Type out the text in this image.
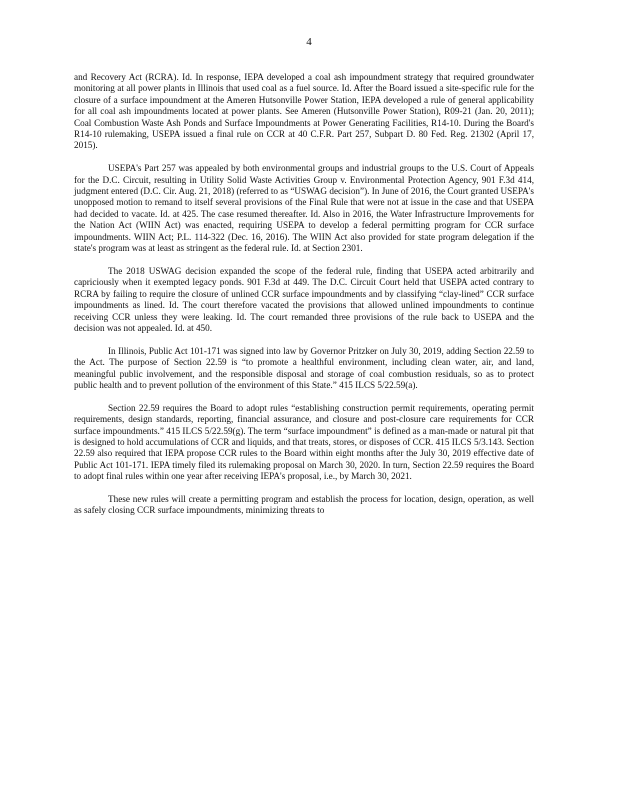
4

and Recovery Act (RCRA). Id. In response, IEPA developed a coal ash impoundment strategy that required groundwater monitoring at all power plants in Illinois that used coal as a fuel source. Id. After the Board issued a site-specific rule for the closure of a surface impoundment at the Ameren Hutsonville Power Station, IEPA developed a rule of general applicability for all coal ash impoundments located at power plants. See Ameren (Hutsonville Power Station), R09-21 (Jan. 20, 2011); Coal Combustion Waste Ash Ponds and Surface Impoundments at Power Generating Facilities, R14-10. During the Board's R14-10 rulemaking, USEPA issued a final rule on CCR at 40 C.F.R. Part 257, Subpart D. 80 Fed. Reg. 21302 (April 17, 2015).

USEPA's Part 257 was appealed by both environmental groups and industrial groups to the U.S. Court of Appeals for the D.C. Circuit, resulting in Utility Solid Waste Activities Group v. Environmental Protection Agency, 901 F.3d 414, judgment entered (D.C. Cir. Aug. 21, 2018) (referred to as “USWAG decision”). In June of 2016, the Court granted USEPA's unopposed motion to remand to itself several provisions of the Final Rule that were not at issue in the case and that USEPA had decided to vacate. Id. at 425. The case resumed thereafter. Id. Also in 2016, the Water Infrastructure Improvements for the Nation Act (WIIN Act) was enacted, requiring USEPA to develop a federal permitting program for CCR surface impoundments. WIIN Act; P.L. 114-322 (Dec. 16, 2016). The WIIN Act also provided for state program delegation if the state's program was at least as stringent as the federal rule. Id. at Section 2301.

The 2018 USWAG decision expanded the scope of the federal rule, finding that USEPA acted arbitrarily and capriciously when it exempted legacy ponds. 901 F.3d at 449. The D.C. Circuit Court held that USEPA acted contrary to RCRA by failing to require the closure of unlined CCR surface impoundments and by classifying “clay-lined” CCR surface impoundments as lined. Id. The court therefore vacated the provisions that allowed unlined impoundments to continue receiving CCR unless they were leaking. Id. The court remanded three provisions of the rule back to USEPA and the decision was not appealed. Id. at 450.

In Illinois, Public Act 101-171 was signed into law by Governor Pritzker on July 30, 2019, adding Section 22.59 to the Act. The purpose of Section 22.59 is “to promote a healthful environment, including clean water, air, and land, meaningful public involvement, and the responsible disposal and storage of coal combustion residuals, so as to protect public health and to prevent pollution of the environment of this State.” 415 ILCS 5/22.59(a).

Section 22.59 requires the Board to adopt rules “establishing construction permit requirements, operating permit requirements, design standards, reporting, financial assurance, and closure and post-closure care requirements for CCR surface impoundments.” 415 ILCS 5/22.59(g). The term “surface impoundment” is defined as a man-made or natural pit that is designed to hold accumulations of CCR and liquids, and that treats, stores, or disposes of CCR. 415 ILCS 5/3.143. Section 22.59 also required that IEPA propose CCR rules to the Board within eight months after the July 30, 2019 effective date of Public Act 101-171. IEPA timely filed its rulemaking proposal on March 30, 2020. In turn, Section 22.59 requires the Board to adopt final rules within one year after receiving IEPA's proposal, i.e., by March 30, 2021.

These new rules will create a permitting program and establish the process for location, design, operation, as well as safely closing CCR surface impoundments, minimizing threats to
